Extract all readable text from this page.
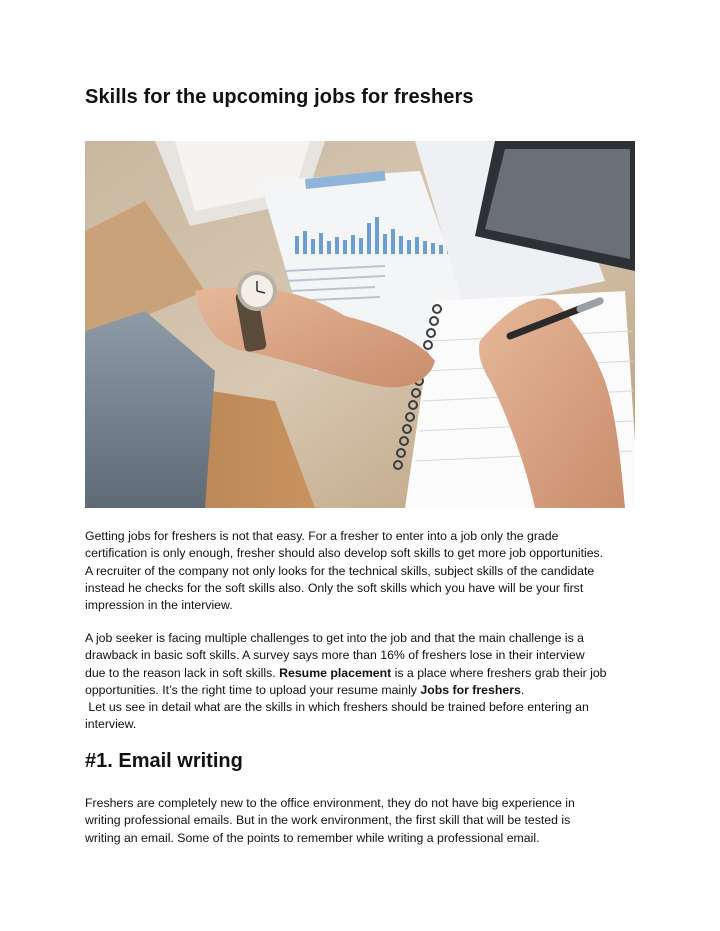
Skills for the upcoming jobs for freshers

Getting jobs for freshers is not that easy. For a fresher to enter into a job only the grade
certification is only enough, fresher should also develop soft skills to get more job opportunities.
A recruiter of the company not only looks for the technical skills, subject skills of the candidate
instead he checks for the soft skills also. Only the soft skills which you have will be your first
impression in the interview.

A job seeker is facing multiple challenges to get into the job and that the main challenge is a
drawback in basic soft skills. A survey says more than 16% of freshers lose in their interview
due to the reason lack in soft skills. Resume placement is a place where freshers grab their job
opportunities. It’s the right time to upload your resume mainly Jobs for freshers.
Let us see in detail what are the skills in which freshers should be trained before entering an
interview.

#1. Email writing

Freshers are completely new to the office environment, they do not have big experience in
writing professional emails. But in the work environment, the first skill that will be tested is
writing an email. Some of the points to remember while writing a professional email.
